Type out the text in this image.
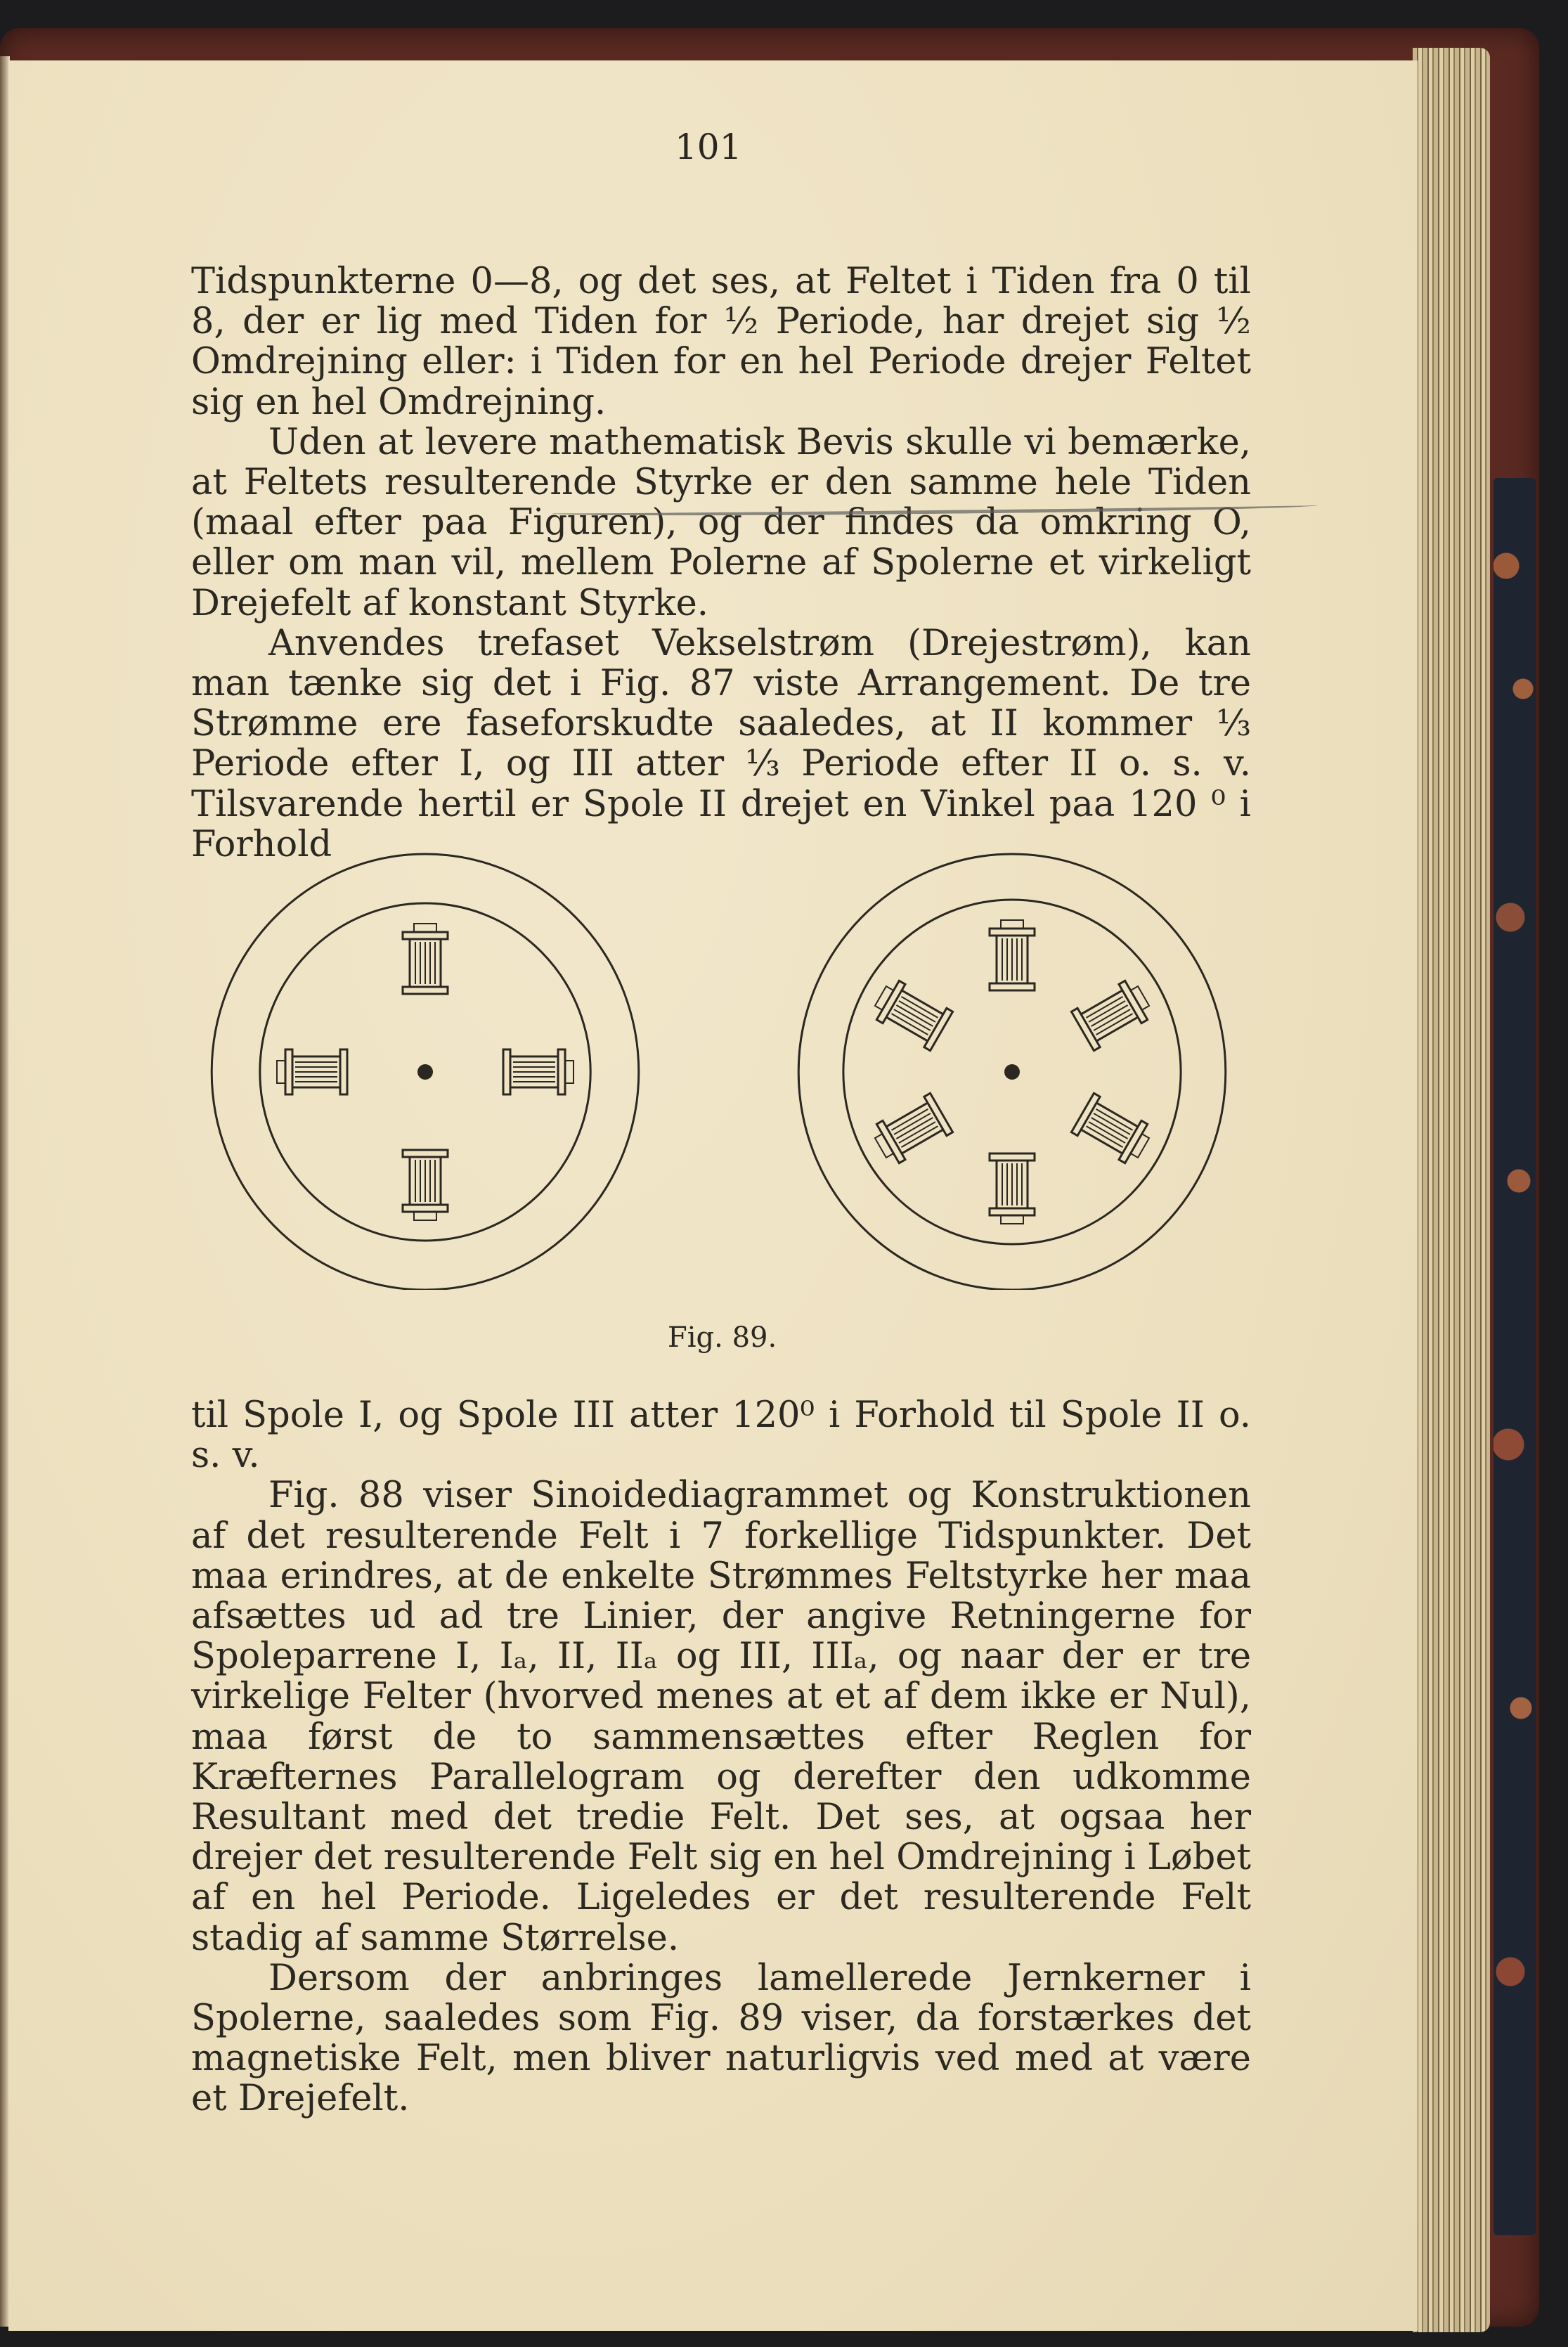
101

Tidspunkterne 0—8, og det ses, at Feltet i Tiden fra 0 til 8, der er lig med Tiden for ½ Periode, har drejet sig ½ Omdrejning eller: i Tiden for en hel Periode drejer Feltet sig en hel Omdrejning.

Uden at levere mathematisk Bevis skulle vi bemærke, at Feltets resulterende Styrke er den samme hele Tiden (maal efter paa Figuren), og der findes da omkring O, eller om man vil, mellem Polerne af Spolerne et virkeligt Drejefelt af konstant Styrke.

Anvendes trefaset Vekselstrøm (Drejestrøm), kan man tænke sig det i Fig. 87 viste Arrangement. De tre Strømme ere faseforskudte saaledes, at II kommer ⅓ Periode efter I, og III atter ⅓ Periode efter II o. s. v. Tilsvarende hertil er Spole II drejet en Vinkel paa 120 ⁰ i Forhold

Fig. 89.

til Spole I, og Spole III atter 120⁰ i Forhold til Spole II o. s. v.

Fig. 88 viser Sinoidediagrammet og Konstruktionen af det resulterende Felt i 7 forkellige Tidspunkter. Det maa erindres, at de enkelte Strømmes Feltstyrke her maa afsættes ud ad tre Linier, der angive Retningerne for Spoleparrene I, Iₐ, II, IIₐ og III, IIIₐ, og naar der er tre virkelige Felter (hvorved menes at et af dem ikke er Nul), maa først de to sammensættes efter Reglen for Kræfternes Parallelogram og derefter den udkomme Resultant med det tredie Felt. Det ses, at ogsaa her drejer det resulterende Felt sig en hel Omdrejning i Løbet af en hel Periode. Ligeledes er det resulterende Felt stadig af samme Størrelse.

Dersom der anbringes lamellerede Jernkerner i Spolerne, saaledes som Fig. 89 viser, da forstærkes det magnetiske Felt, men bliver naturligvis ved med at være et Drejefelt.
